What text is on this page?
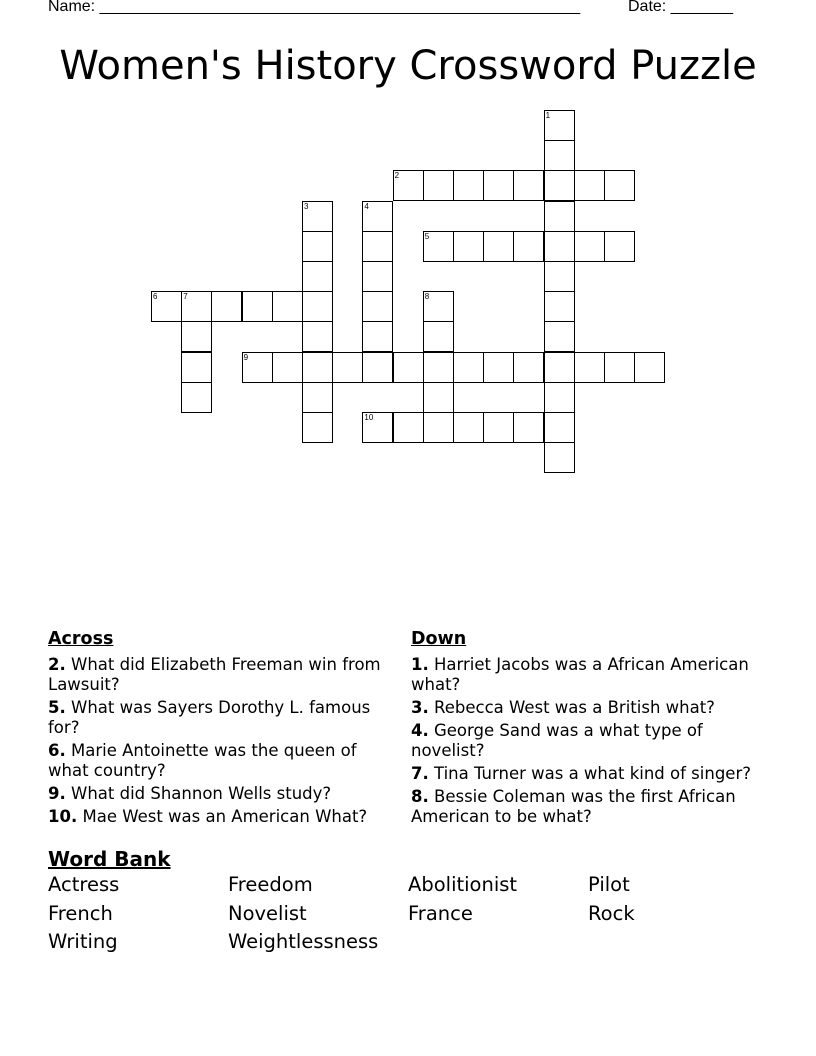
Name: ______________________________________________________	Date: _______
Women's History Crossword Puzzle
1
2
3	4
5
6	7	8
9
10
Across
2. What did Elizabeth Freeman win from Lawsuit?
5. What was Sayers Dorothy L. famous for?
6. Marie Antoinette was the queen of what country?
9. What did Shannon Wells study?
10. Mae West was an American What?
Down
1. Harriet Jacobs was a African American what?
3. Rebecca West was a British what?
4. George Sand was a what type of novelist?
7. Tina Turner was a what kind of singer?
8. Bessie Coleman was the first African American to be what?
Word Bank
Actress	Freedom	Abolitionist	Pilot
French	Novelist	France	Rock
Writing	Weightlessness
